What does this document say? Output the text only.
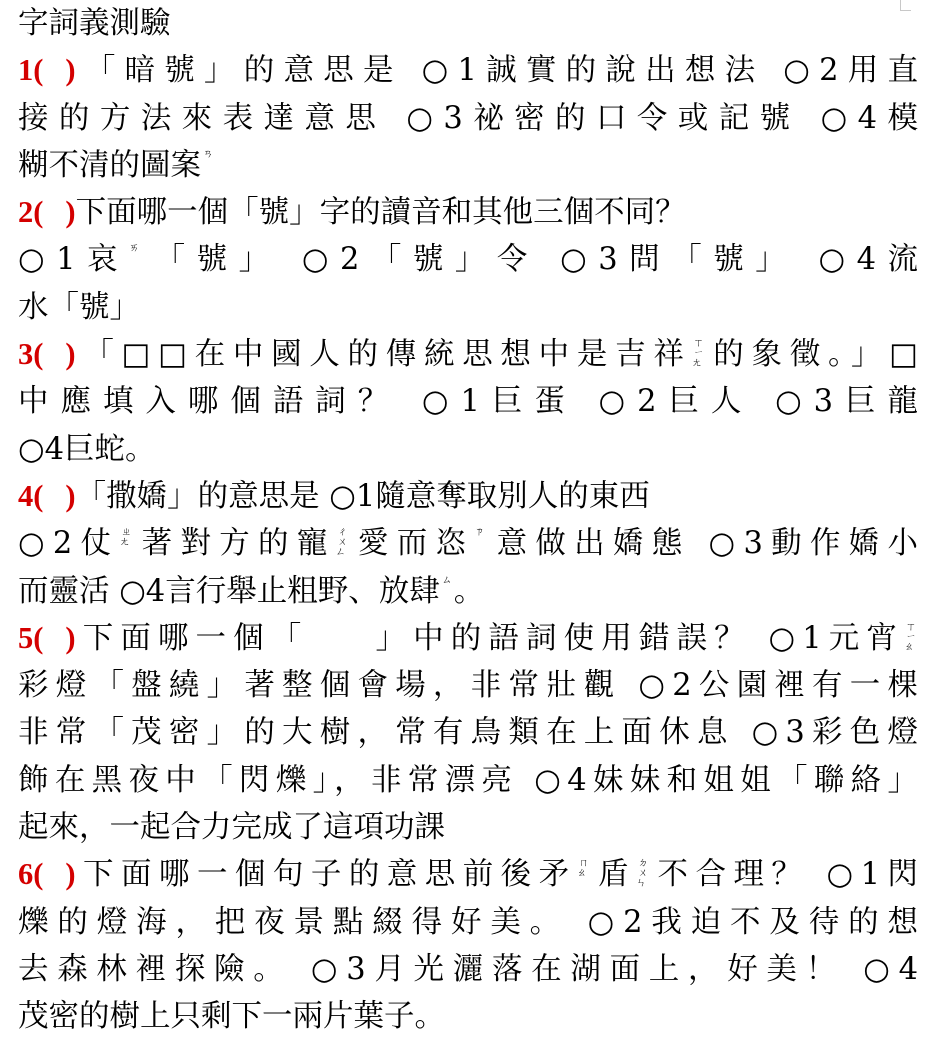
字詞義測驗
1( )「暗號」的意思是 ○1誠實的說出想法 ○2用直
接的方法來表達意思 ○3祕密的口令或記號 ○4模
糊不清的圖案 ㄢ
2( )下面哪一個「號」字的讀音和其他三個不同？
○1哀ㄞ 「號」 ○2「號」令 ○3問「號」 ○4流
水「號」
3( )「□□在中國人的傳統思想中是吉祥 ㄒㄧㄤ 的象徵。」□
中應填入哪個語詞？ ○1巨蛋 ○2巨人 ○3巨龍
○4巨蛇。
4( )「撒嬌」的意思是 ○1隨意奪取別人的東西
○2仗 ㄓㄤ 著對方的寵 ㄔㄨㄥ 愛而恣ㄗ 意做出嬌態 ○3動作嬌小
而靈活 ○4言行舉止粗野、放肆 ㄙ。
5( )下面哪一個「 」中的語詞使用錯誤？ ○1元宵 ㄒㄧㄠ
彩燈「盤繞」著整個會場，非常壯觀 ○2公園裡有一棵
非常「茂密」的大樹，常有鳥類在上面休息 ○3彩色燈
飾在黑夜中「閃爍」，非常漂亮 ○4妹妹和姐姐「聯絡」
起來，一起合力完成了這項功課
6( )下面哪一個句子的意思前後矛 ㄇㄠ 盾 ㄉㄨㄣ 不合理？ ○1閃
爍的燈海，把夜景點綴得好美。 ○2我迫不及待的想
去森林裡探險。 ○3月光灑落在湖面上，好美！ ○4
茂密的樹上只剩下一兩片葉子。
